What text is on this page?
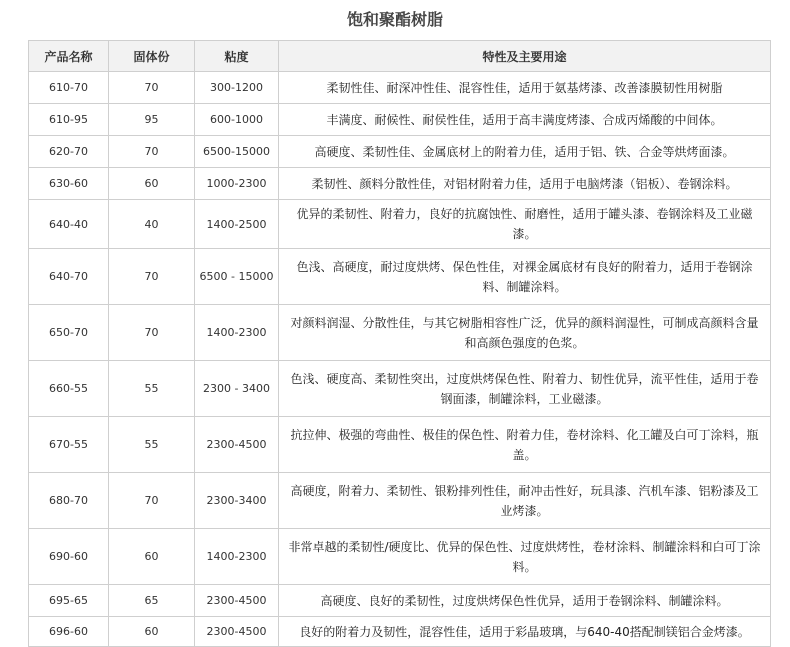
饱和聚酯树脂
产品名称	固体份	粘度	特性及主要用途
610-70	70	300-1200	柔韧性佳、耐深冲性佳、混容性佳，适用于氨基烤漆、改善漆膜韧性用树脂
610-95	95	600-1000	丰满度、耐候性、耐侯性佳，适用于高丰满度烤漆、合成丙烯酸的中间体。
620-70	70	6500-15000	高硬度、柔韧性佳、金属底材上的附着力佳，适用于铝、铁、合金等烘烤面漆。
630-60	60	1000-2300	柔韧性、颜料分散性佳，对铝材附着力佳，适用于电脑烤漆（铝板）、卷钢涂料。
640-40	40	1400-2500	优异的柔韧性、附着力，良好的抗腐蚀性、耐磨性，适用于罐头漆、卷钢涂料及工业磁漆。
640-70	70	6500 - 15000	色浅、高硬度，耐过度烘烤、保色性佳，对裸金属底材有良好的附着力，适用于卷钢涂料、制罐涂料。
650-70	70	1400-2300	对颜料润湿、分散性佳，与其它树脂相容性广泛，优异的颜料润湿性，可制成高颜料含量和高颜色强度的色浆。
660-55	55	2300 - 3400	色浅、硬度高、柔韧性突出，过度烘烤保色性、附着力、韧性优异，流平性佳，适用于卷钢面漆，制罐涂料，工业磁漆。
670-55	55	2300-4500	抗拉伸、极强的弯曲性、极佳的保色性、附着力佳，卷材涂料、化工罐及白可丁涂料，瓶盖。
680-70	70	2300-3400	高硬度，附着力、柔韧性、银粉排列性佳，耐冲击性好，玩具漆、汽机车漆、铝粉漆及工业烤漆。
690-60	60	1400-2300	非常卓越的柔韧性/硬度比、优异的保色性、过度烘烤性，卷材涂料、制罐涂料和白可丁涂料。
695-65	65	2300-4500	高硬度、良好的柔韧性，过度烘烤保色性优异，适用于卷钢涂料、制罐涂料。
696-60	60	2300-4500	良好的附着力及韧性，混容性佳，适用于彩晶玻璃，与640-40搭配制镁铝合金烤漆。
